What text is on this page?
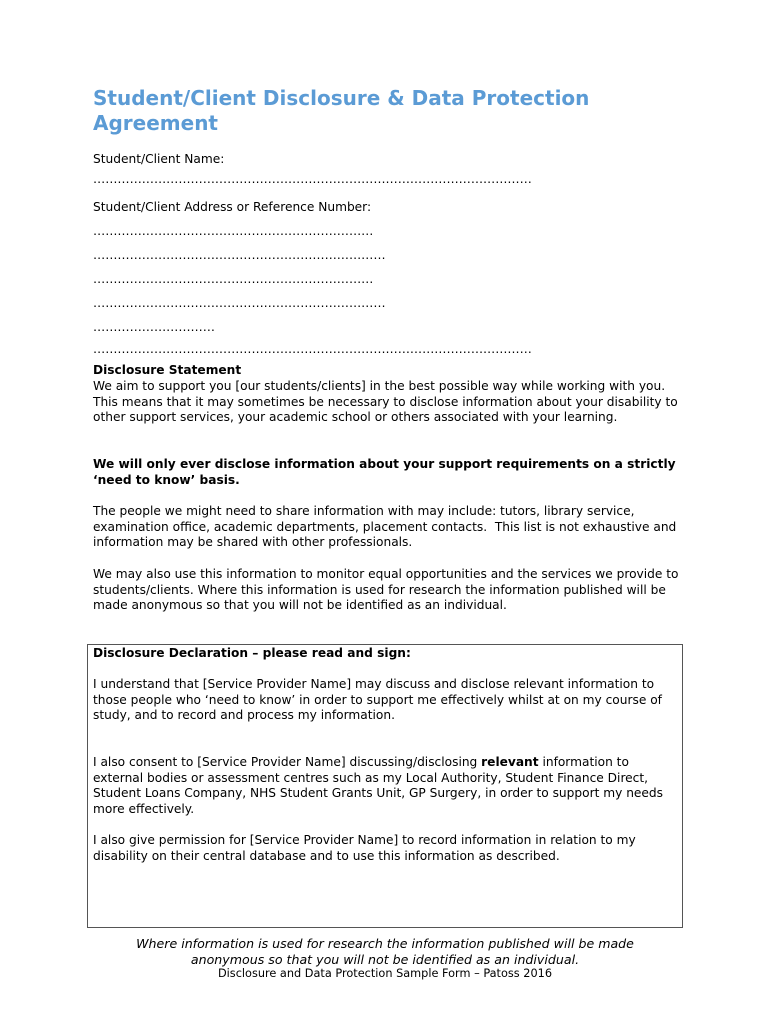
Student/Client Disclosure & Data Protection Agreement

Student/Client Name:

………………………………………………………………………………………………

Student/Client Address or Reference Number:

……………………………………………………………

………………………………………………………………

……………………………………………………………

………………………………………………………………

…………………………

………………………………………………………………………………………………

Disclosure Statement

We aim to support you [our students/clients] in the best possible way while working with you.  This means that it may sometimes be necessary to disclose information about your disability to other support services, your academic school or others associated with your learning.

We will only ever disclose information about your support requirements on a strictly ‘need to know’ basis.

The people we might need to share information with may include: tutors, library service, examination office, academic departments, placement contacts.  This list is not exhaustive and information may be shared with other professionals.

We may also use this information to monitor equal opportunities and the services we provide to students/clients. Where this information is used for research the information published will be made anonymous so that you will not be identified as an individual.

Disclosure Declaration – please read and sign:

I understand that [Service Provider Name] may discuss and disclose relevant information to those people who ‘need to know’ in order to support me effectively whilst at on my course of study, and to record and process my information.

I also consent to [Service Provider Name] discussing/disclosing relevant information to external bodies or assessment centres such as my Local Authority, Student Finance Direct, Student Loans Company, NHS Student Grants Unit, GP Surgery, in order to support my needs more effectively.

I also give permission for [Service Provider Name] to record information in relation to my disability on their central database and to use this information as described.

Where information is used for research the information published will be made anonymous so that you will not be identified as an individual.

Disclosure and Data Protection Sample Form – Patoss 2016
